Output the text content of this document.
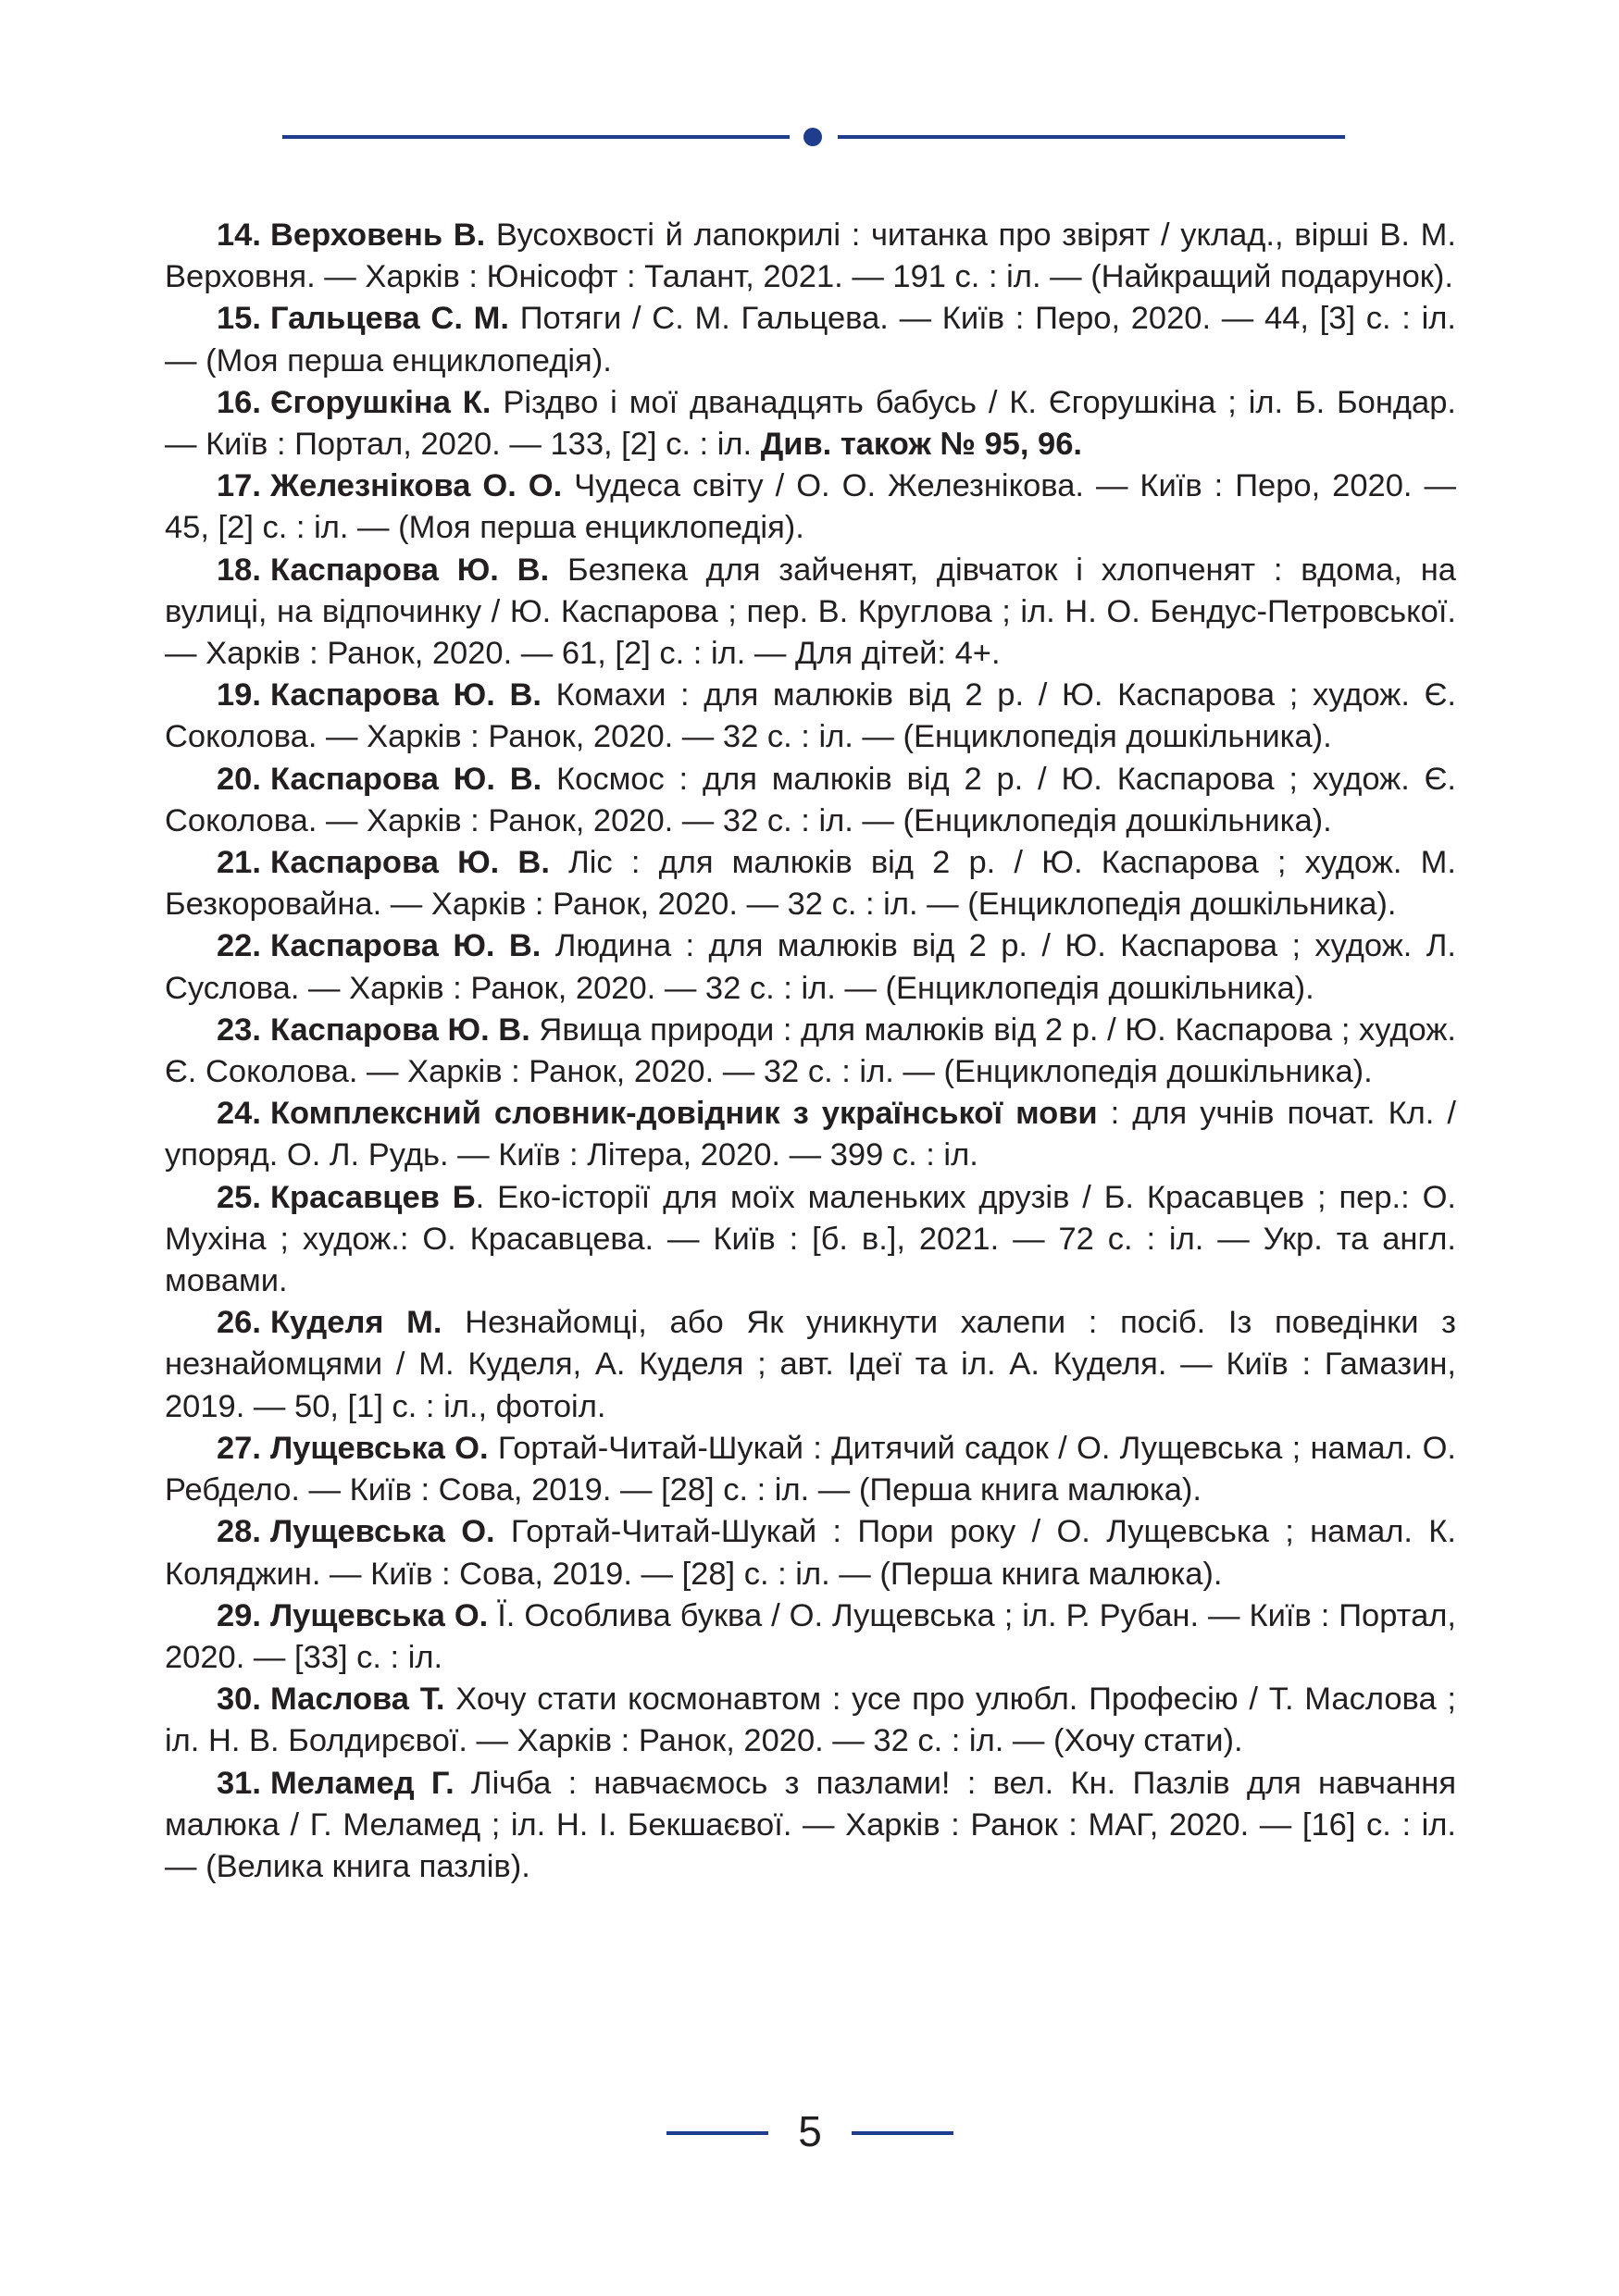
14. Верховень В. Вусохвості й лапокрилі : читанка про звірят / уклад., вірші В. М. Верховня. — Харків : Юнісофт : Талант, 2021. — 191 с. : іл. — (Найкращий подарунок).

15. Гальцева С. М. Потяги / С. М. Гальцева. — Київ : Перо, 2020. — 44, [3] с. : іл. — (Моя перша енциклопедія).

16. Єгорушкіна К. Різдво і мої дванадцять бабусь / К. Єгорушкіна ; іл. Б. Бондар. — Київ : Портал, 2020. — 133, [2] с. : іл. Див. також № 95, 96.

17. Железнікова О. О. Чудеса світу / О. О. Железнікова. — Київ : Перо, 2020. — 45, [2] с. : іл. — (Моя перша енциклопедія).

18. Каспарова Ю. В. Безпека для зайченят, дівчаток і хлопченят : вдома, на вулиці, на відпочинку / Ю. Каспарова ; пер. В. Круглова ; іл. Н. О. Бендус-Петровської. — Харків : Ранок, 2020. — 61, [2] с. : іл. — Для дітей: 4+.

19. Каспарова Ю. В. Комахи : для малюків від 2 р. / Ю. Каспарова ; худож. Є. Соколова. — Харків : Ранок, 2020. — 32 с. : іл. — (Енциклопедія дошкільника).

20. Каспарова Ю. В. Космос : для малюків від 2 р. / Ю. Каспарова ; худож. Є. Соколова. — Харків : Ранок, 2020. — 32 с. : іл. — (Енциклопедія дошкільника).

21. Каспарова Ю. В. Ліс : для малюків від 2 р. / Ю. Каспарова ; худож. М. Безкоровайна. — Харків : Ранок, 2020. — 32 с. : іл. — (Енциклопедія дошкільника).

22. Каспарова Ю. В. Людина : для малюків від 2 р. / Ю. Каспарова ; худож. Л. Суслова. — Харків : Ранок, 2020. — 32 с. : іл. — (Енциклопедія дошкільника).

23. Каспарова Ю. В. Явища природи : для малюків від 2 р. / Ю. Каспарова ; худож. Є. Соколова. — Харків : Ранок, 2020. — 32 с. : іл. — (Енциклопедія дошкільника).

24. Комплексний словник-довідник з української мови : для учнів почат. Кл. / упоряд. О. Л. Рудь. — Київ : Літера, 2020. — 399 с. : іл.

25. Красавцев Б. Еко-історії для моїх маленьких друзів / Б. Красавцев ; пер.: О. Мухіна ; худож.: О. Красавцева. — Київ : [б. в.], 2021. — 72 с. : іл. — Укр. та англ. мовами.

26. Куделя М. Незнайомці, або Як уникнути халепи : посіб. Із поведінки з незнайомцями / М. Куделя, А. Куделя ; авт. Ідеї та іл. А. Куделя. — Київ : Гамазин, 2019. — 50, [1] с. : іл., фотоіл.

27. Лущевська О. Гортай-Читай-Шукай : Дитячий садок / О. Лущевська ; намал. О. Ребдело. — Київ : Сова, 2019. — [28] с. : іл. — (Перша книга малюка).

28. Лущевська О. Гортай-Читай-Шукай : Пори року / О. Лущевська ; намал. К. Коляджин. — Київ : Сова, 2019. — [28] с. : іл. — (Перша книга малюка).

29. Лущевська О. Ї. Особлива буква / О. Лущевська ; іл. Р. Рубан. — Київ : Портал, 2020. — [33] с. : іл.

30. Маслова Т. Хочу стати космонавтом : усе про улюбл. Професію / Т. Маслова ; іл. Н. В. Болдирєвої. — Харків : Ранок, 2020. — 32 с. : іл. — (Хочу стати).

31. Меламед Г. Лічба : навчаємось з пазлами! : вел. Кн. Пазлів для навчання малюка / Г. Меламед ; іл. Н. І. Бекшаєвої. — Харків : Ранок : МАГ, 2020. — [16] с. : іл. — (Велика книга пазлів).

5
